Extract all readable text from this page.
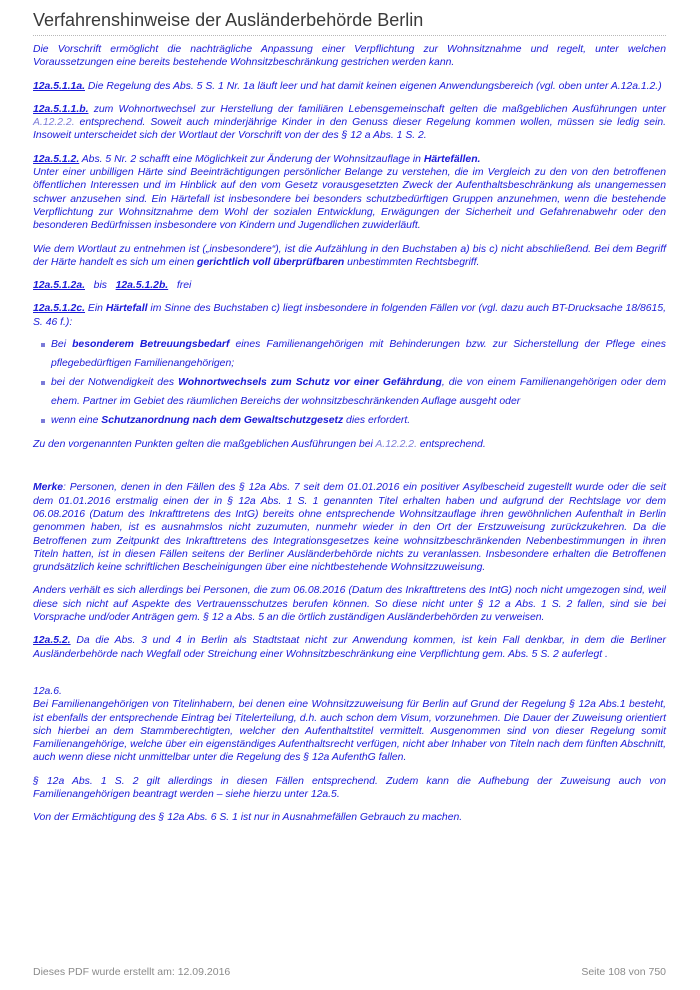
Verfahrenshinweise der Ausländerbehörde Berlin

Die Vorschrift ermöglicht die nachträgliche Anpassung einer Verpflichtung zur Wohnsitznahme und regelt, unter welchen Voraussetzungen eine bereits bestehende Wohnsitzbeschränkung gestrichen werden kann.

12a.5.1.1a. Die Regelung des Abs. 5 S. 1 Nr. 1a läuft leer und hat damit keinen eigenen Anwendungsbereich (vgl. oben unter A.12a.1.2.)

12a.5.1.1.b. zum Wohnortwechsel zur Herstellung der familiären Lebensgemeinschaft gelten die maßgeblichen Ausführungen unter A.12.2.2. entsprechend. Soweit auch minderjährige Kinder in den Genuss dieser Regelung kommen wollen, müssen sie ledig sein. Insoweit unterscheidet sich der Wortlaut der Vorschrift von der des § 12 a Abs. 1 S. 2.

12a.5.1.2. Abs. 5 Nr. 2 schafft eine Möglichkeit zur Änderung der Wohnsitzauflage in Härtefällen.
Unter einer unbilligen Härte sind Beeinträchtigungen persönlicher Belange zu verstehen, die im Vergleich zu den von den betroffenen öffentlichen Interessen und im Hinblick auf den vom Gesetz vorausgesetzten Zweck der Aufenthaltsbeschränkung als unangemessen schwer anzusehen sind. Ein Härtefall ist insbesondere bei besonders schutzbedürftigen Gruppen anzunehmen, wenn die bestehende Verpflichtung zur Wohnsitznahme dem Wohl der sozialen Entwicklung, Erwägungen der Sicherheit und Gefahrenabwehr oder den besonderen Bedürfnissen insbesondere von Kindern und Jugendlichen zuwiderläuft.

Wie dem Wortlaut zu entnehmen ist („insbesondere“), ist die Aufzählung in den Buchstaben a) bis c) nicht abschließend. Bei dem Begriff der Härte handelt es sich um einen gerichtlich voll überprüfbaren unbestimmten Rechtsbegriff.

12a.5.1.2a.   bis   12a.5.1.2b.   frei

12a.5.1.2c. Ein Härtefall im Sinne des Buchstaben c) liegt insbesondere in folgenden Fällen vor (vgl. dazu auch BT-Drucksache 18/8615, S. 46 f.):

Bei besonderem Betreuungsbedarf eines Familienangehörigen mit Behinderungen bzw. zur Sicherstellung der Pflege eines pflegebedürftigen Familienangehörigen;
bei der Notwendigkeit des Wohnortwechsels zum Schutz vor einer Gefährdung, die von einem Familienangehörigen oder dem ehem. Partner im Gebiet des räumlichen Bereichs der wohnsitzbeschränkenden Auflage ausgeht oder
wenn eine Schutzanordnung nach dem Gewaltschutzgesetz dies erfordert.

Zu den vorgenannten Punkten gelten die maßgeblichen Ausführungen bei A.12.2.2. entsprechend.

Merke: Personen, denen in den Fällen des § 12a Abs. 7 seit dem 01.01.2016 ein positiver Asylbescheid zugestellt wurde oder die seit dem 01.01.2016 erstmalig einen der in § 12a Abs. 1 S. 1 genannten Titel erhalten haben und aufgrund der Rechtslage vor dem 06.08.2016 (Datum des Inkrafttretens des IntG) bereits ohne entsprechende Wohnsitzauflage ihren gewöhnlichen Aufenthalt in Berlin genommen haben, ist es ausnahmslos nicht zuzumuten, nunmehr wieder in den Ort der Erstzuweisung zurückzukehren. Da die Betroffenen zum Zeitpunkt des Inkrafttretens des Integrationsgesetzes keine wohnsitzbeschränkenden Nebenbestimmungen in ihren Titeln hatten, ist in diesen Fällen seitens der Berliner Ausländerbehörde nichts zu veranlassen. Insbesondere erhalten die Betroffenen grundsätzlich keine schriftlichen Bescheinigungen über eine nichtbestehende Wohnsitzzuweisung.

Anders verhält es sich allerdings bei Personen, die zum 06.08.2016 (Datum des Inkrafttretens des IntG) noch nicht umgezogen sind, weil diese sich nicht auf Aspekte des Vertrauensschutzes berufen können. So diese nicht unter § 12 a Abs. 1 S. 2 fallen, sind sie bei Vorsprache und/oder Anträgen gem. § 12 a Abs. 5 an die örtlich zuständigen Ausländerbehörden zu verweisen.

12a.5.2. Da die Abs. 3 und 4 in Berlin als Stadtstaat nicht zur Anwendung kommen, ist kein Fall denkbar, in dem die Berliner Ausländerbehörde nach Wegfall oder Streichung einer Wohnsitzbeschränkung eine Verpflichtung gem. Abs. 5 S. 2 auferlegt .

12a.6.
Bei Familienangehörigen von Titelinhabern, bei denen eine Wohnsitzzuweisung für Berlin auf Grund der Regelung § 12a Abs.1 besteht, ist ebenfalls der entsprechende Eintrag bei Titelerteilung, d.h. auch schon dem Visum, vorzunehmen. Die Dauer der Zuweisung orientiert sich hierbei an dem Stammberechtigten, welcher den Aufenthaltstitel vermittelt. Ausgenommen sind von dieser Regelung somit Familienangehörige, welche über ein eigenständiges Aufenthaltsrecht verfügen, nicht aber Inhaber von Titeln nach dem fünften Abschnitt, auch wenn diese nicht unmittelbar unter die Regelung des § 12a AufenthG fallen.

§ 12a Abs. 1 S. 2 gilt allerdings in diesen Fällen entsprechend. Zudem kann die Aufhebung der Zuweisung auch von Familienangehörigen beantragt werden – siehe hierzu unter 12a.5.

Von der Ermächtigung des § 12a Abs. 6 S. 1 ist nur in Ausnahmefällen Gebrauch zu machen.

Dieses PDF wurde erstellt am: 12.09.2016	Seite 108 von 750
